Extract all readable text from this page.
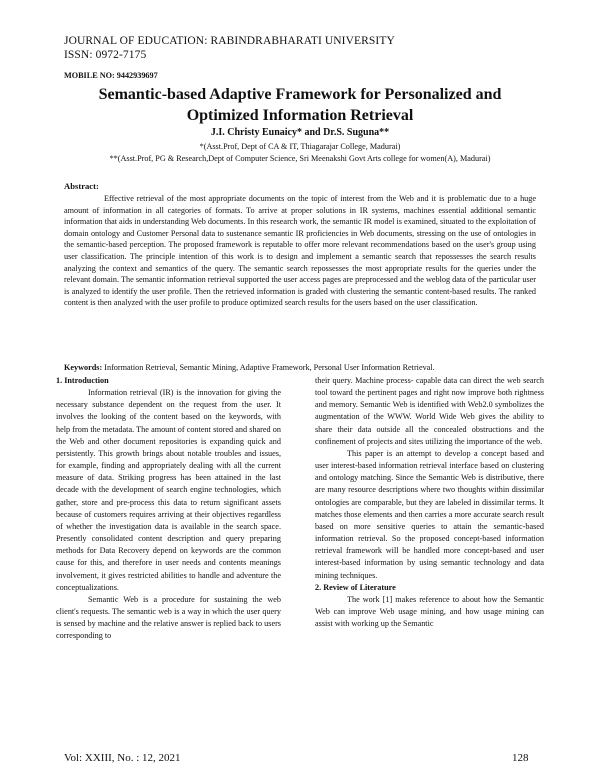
JOURNAL OF EDUCATION: RABINDRABHARATI UNIVERSITY
ISSN: 0972-7175
MOBILE NO: 9442939697
Semantic-based Adaptive Framework for Personalized and
Optimized Information Retrieval
J.I. Christy Eunaicy* and Dr.S. Suguna**
*(Asst.Prof, Dept of CA & IT, Thiagarajar College, Madurai)
**(Asst.Prof, PG & Research,Dept of Computer Science, Sri Meenakshi Govt Arts college for women(A), Madurai)
Abstract:
Effective retrieval of the most appropriate documents on the topic of interest from the Web and it is problematic due to a huge amount of information in all categories of formats. To arrive at proper solutions in IR systems, machines essential additional semantic information that aids in understanding Web documents. In this research work, the semantic IR model is examined, situated to the exploitation of domain ontology and Customer Personal data to sustenance semantic IR proficiencies in Web documents, stressing on the use of ontologies in the semantic-based perception. The proposed framework is reputable to offer more relevant recommendations based on the user's group using user classification. The principle intention of this work is to design and implement a semantic search that repossesses the search results analyzing the context and semantics of the query. The semantic search repossesses the most appropriate results for the queries under the relevant domain. The semantic information retrieval supported the user access pages are preprocessed and the weblog data of the particular user is analyzed to identify the user profile. Then the retrieved information is graded with clustering the semantic content-based results. The ranked content is then analyzed with the user profile to produce optimized search results for the users based on the user classification.
Keywords: Information Retrieval, Semantic Mining, Adaptive Framework, Personal User Information Retrieval.
1. Introduction

Information retrieval (IR) is the innovation for giving the necessary substance dependent on the request from the user. It involves the looking of the content based on the keywords, with help from the metadata. The amount of content stored and shared on the Web and other document repositories is expanding quick and persistently. This growth brings about notable troubles and issues, for example, finding and appropriately dealing with all the current measure of data. Striking progress has been attained in the last decade with the development of search engine technologies, which gather, store and pre-process this data to return significant assets because of customers requires arriving at their objectives regardless of whether the investigation data is available in the search space. Presently consolidated content description and query preparing methods for Data Recovery depend on keywords are the common cause for this, and therefore in user needs and contents meanings involvement, it gives restricted abilities to handle and adventure the conceptualizations.

Semantic Web is a procedure for sustaining the web client's requests. The semantic web is a way in which the user query is sensed by machine and the relative answer is replied back to users corresponding to

their query. Machine process- capable data can direct the web search tool toward the pertinent pages and right now improve both rightness and memory. Semantic Web is identified with Web2.0 symbolizes the augmentation of the WWW. World Wide Web gives the ability to share their data outside all the concealed obstructions and the confinement of projects and sites utilizing the importance of the web.

This paper is an attempt to develop a concept based and user interest-based information retrieval interface based on clustering and ontology matching. Since the Semantic Web is distributive, there are many resource descriptions where two thoughts within dissimilar ontologies are comparable, but they are labeled in dissimilar terms. It matches those elements and then carries a more accurate search result based on more sensitive queries to attain the semantic-based information retrieval. So the proposed concept-based information retrieval framework will be handled more concept-based and user interest-based information by using semantic technology and data mining techniques.

2. Review of Literature

The work [1] makes reference to about how the Semantic Web can improve Web usage mining, and how usage mining can assist with working up the Semantic

Vol: XXIII, No. : 12, 2021	128
